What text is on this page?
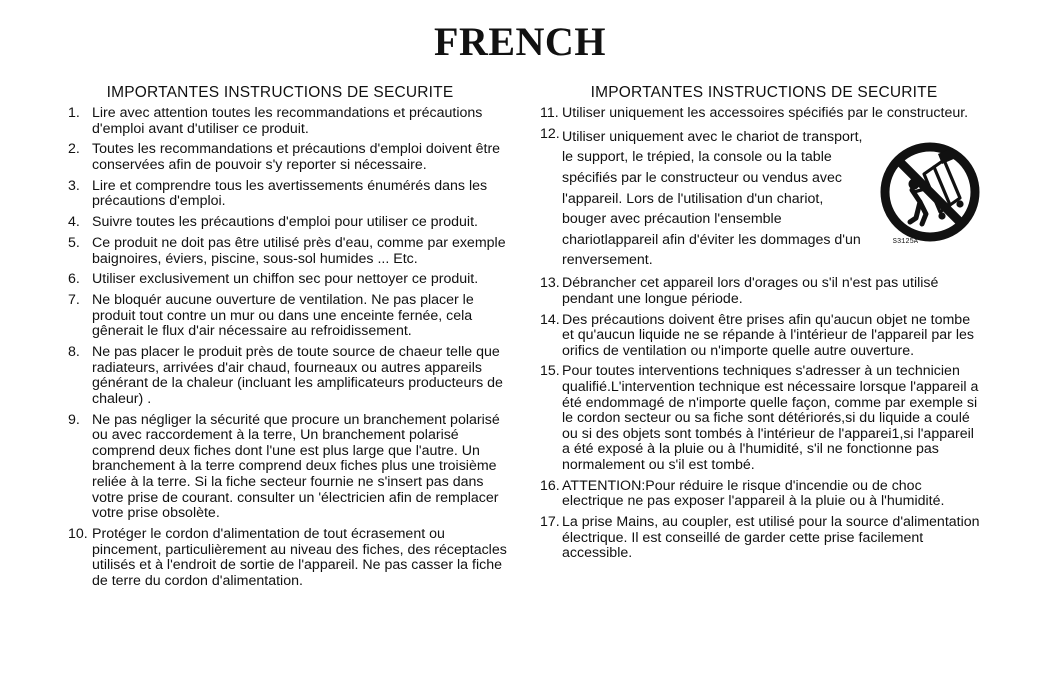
FRENCH
IMPORTANTES INSTRUCTIONS DE SECURITE
1. Lire avec attention toutes les recommandations et précautions d'emploi avant d'utiliser ce produit.
2. Toutes les recommandations et précautions d'emploi doivent être conservées afin de pouvoir s'y reporter si nécessaire.
3. Lire et comprendre tous les avertissements énumérés dans les précautions d'emploi.
4. Suivre toutes les précautions d'emploi pour utiliser ce produit.
5. Ce produit ne doit pas être utilisé près d'eau, comme par exemple baignoires, éviers, piscine, sous-sol humides ... Etc.
6. Utiliser exclusivement un chiffon sec pour nettoyer ce produit.
7. Ne bloquér aucune ouverture de ventilation. Ne pas placer le produit tout contre un mur ou dans une enceinte fernée, cela gênerait le flux d'air nécessaire au refroidissement.
8. Ne pas placer le produit près de toute source de chaeur telle que radiateurs, arrivées d'air chaud, fourneaux ou autres appareils générant de la chaleur (incluant les amplificateurs producteurs de chaleur) .
9. Ne pas négliger la sécurité que procure un branchement polarisé ou avec raccordement à la terre, Un branchement polarisé comprend deux fiches dont l'une est plus large que l'autre. Un branchement à la terre comprend deux fiches plus une troisième reliée à la terre. Si la fiche secteur fournie ne s'insert pas dans votre prise de courant. consulter un 'électricien afin de remplacer votre prise obsolète.
10. Protéger le cordon d'alimentation de tout écrasement ou pincement, particulièrement au niveau des fiches, des réceptacles utilisés et à l'endroit de sortie de l'appareil. Ne pas casser la fiche de terre du cordon d'alimentation.
IMPORTANTES INSTRUCTIONS DE SECURITE
S3125A
11. Utiliser uniquement les accessoires spécifiés par le constructeur.
12. Utiliser uniquement avec le chariot de transport, le support, le trépied, la console ou la table spécifiés par le constructeur ou vendus avec l'appareil. Lors de l'utilisation d'un chariot, bouger avec précaution l'ensemble chariotlappareil afin d'éviter les dommages d'un renversement.
13. Débrancher cet appareil lors d'orages ou s'il n'est pas utilisé pendant une longue période.
14. Des précautions doivent être prises afin qu'aucun objet ne tombe et qu'aucun liquide ne se répande à l'intérieur de l'appareil par les orifics de ventilation ou n'importe quelle autre ouverture.
15. Pour toutes interventions techniques s'adresser à un technicien qualifié.L'intervention technique est nécessaire lorsque l'appareil a été endommagé de n'importe quelle façon, comme par exemple si le cordon secteur ou sa fiche sont détériorés,si du liquide a coulé ou si des objets sont tombés à l'intérieur de l'apparei1,si l'appareil a été exposé à la pluie ou à l'humidité, s'il ne fonctionne pas normalement ou s'il est tombé.
16. ATTENTION:Pour réduire le risque d'incendie ou de choc electrique ne pas exposer l'appareil à la pluie ou à l'humidité.
17. La prise Mains, au coupler, est utilisé pour la source d'alimentation électrique. Il est conseillé de garder cette prise facilement accessible.
